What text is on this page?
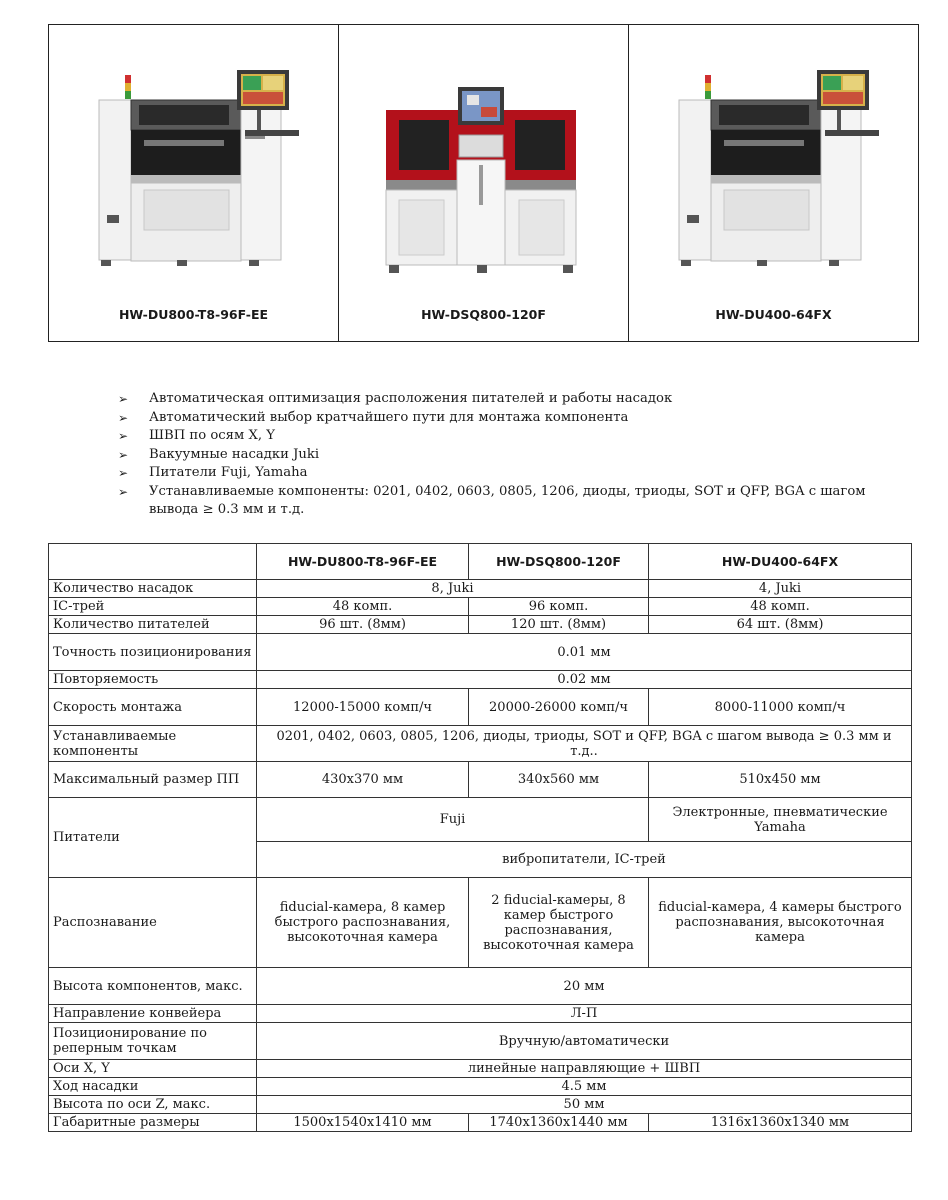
HW-DU800-T8-96F-EE	HW-DSQ800-120F	HW-DU400-64FX
➢ Автоматическая оптимизация расположения питателей и работы насадок
➢ Автоматический выбор кратчайшего пути для монтажа компонента
➢ ШВП по осям X, Y
➢ Вакуумные насадки Juki
➢ Питатели Fuji, Yamaha
➢ Устанавливаемые компоненты: 0201, 0402, 0603, 0805, 1206, диоды, триоды, SOT и QFP, BGA с шагом вывода ≥ 0.3 мм и т.д.
	HW-DU800-T8-96F-EE	HW-DSQ800-120F	HW-DU400-64FX
Количество насадок	8, Juki		4, Juki
IC-трей	48 комп.	96 комп.	48 комп.
Количество питателей	96 шт. (8мм)	120 шт. (8мм)	64 шт. (8мм)
Точность позиционирования	0.01 мм		
Повторяемость	0.02 мм		
Скорость монтажа	12000-15000 комп/ч	20000-26000 комп/ч	8000-11000 комп/ч
Устанавливаемые компоненты	0201, 0402, 0603, 0805, 1206, диоды, триоды, SOT и QFP, BGA с шагом вывода ≥ 0.3 мм и т.д..		
Максимальный размер ПП	430х370 мм	340х560 мм	510х450 мм
Питатели	Fuji		Электронные, пневматические Yamaha
	вибропитатели, IC-трей		
Распознавание	fiducial-камера, 8 камер быстрого распознавания, высокоточная камера	2 fiducial-камеры, 8 камер быстрого распознавания, высокоточная камера	fiducial-камера, 4 камеры быстрого распознавания, высокоточная камера
Высота компонентов, макс.	20 мм		
Направление конвейера	Л-П		
Позиционирование по реперным точкам	Вручную/автоматически		
Оси X, Y	линейные направляющие + ШВП		
Ход насадки	4.5 мм		
Высота по оси Z, макс.	50 мм		
Габаритные размеры	1500х1540х1410 мм	1740х1360х1440 мм	1316х1360х1340 мм
